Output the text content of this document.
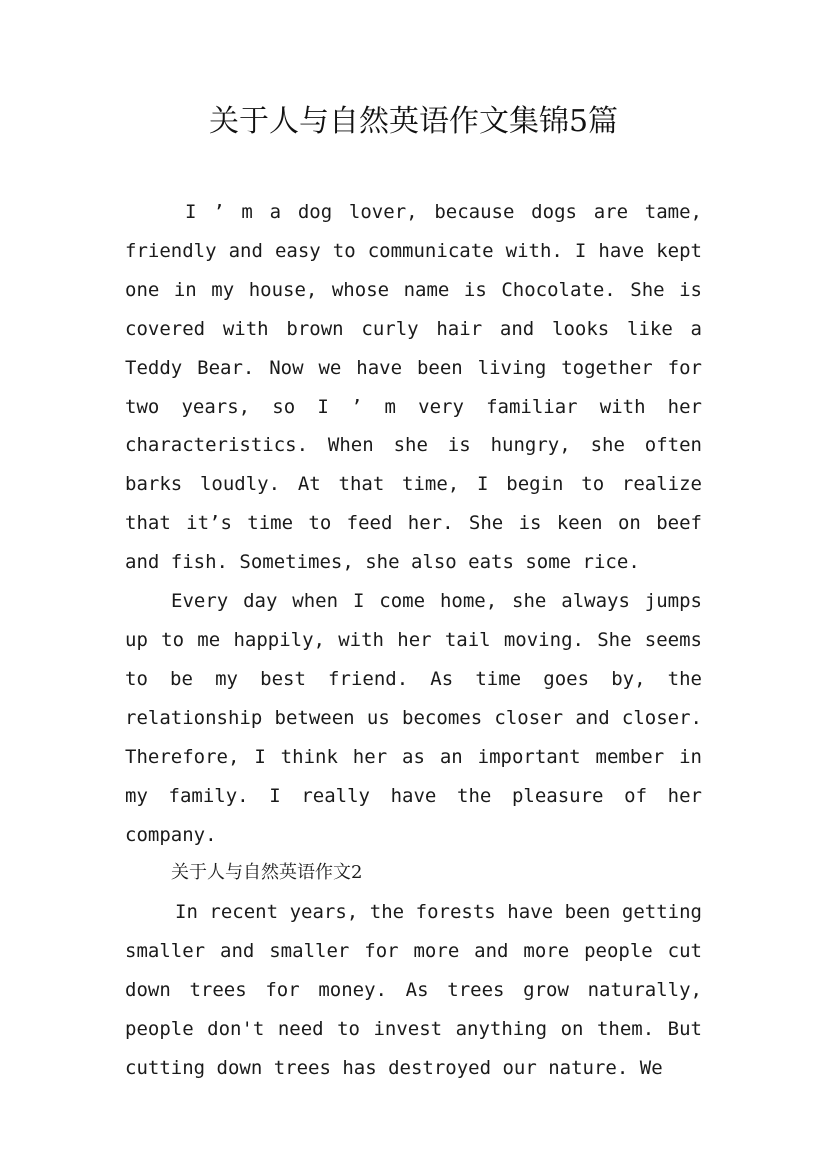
关于人与自然英语作文集锦5篇

I ’ m a dog lover, because dogs are tame, friendly and easy to communicate with. I have kept one in my house, whose name is Chocolate. She is covered with brown curly hair and looks like a Teddy Bear. Now we have been living together for two years, so I ’ m very familiar with her characteristics. When she is hungry, she often barks loudly. At that time, I begin to realize that it’s time to feed her. She is keen on beef and fish. Sometimes, she also eats some rice.

Every day when I come home, she always jumps up to me happily, with her tail moving. She seems to be my best friend. As time goes by, the relationship between us becomes closer and closer. Therefore, I think her as an important member in my family. I really have the pleasure of her company.

关于人与自然英语作文2

In recent years, the forests have been getting smaller and smaller for more and more people cut down trees for money. As trees grow naturally, people don't need to invest anything on them. But cutting down trees has destroyed our nature. We
